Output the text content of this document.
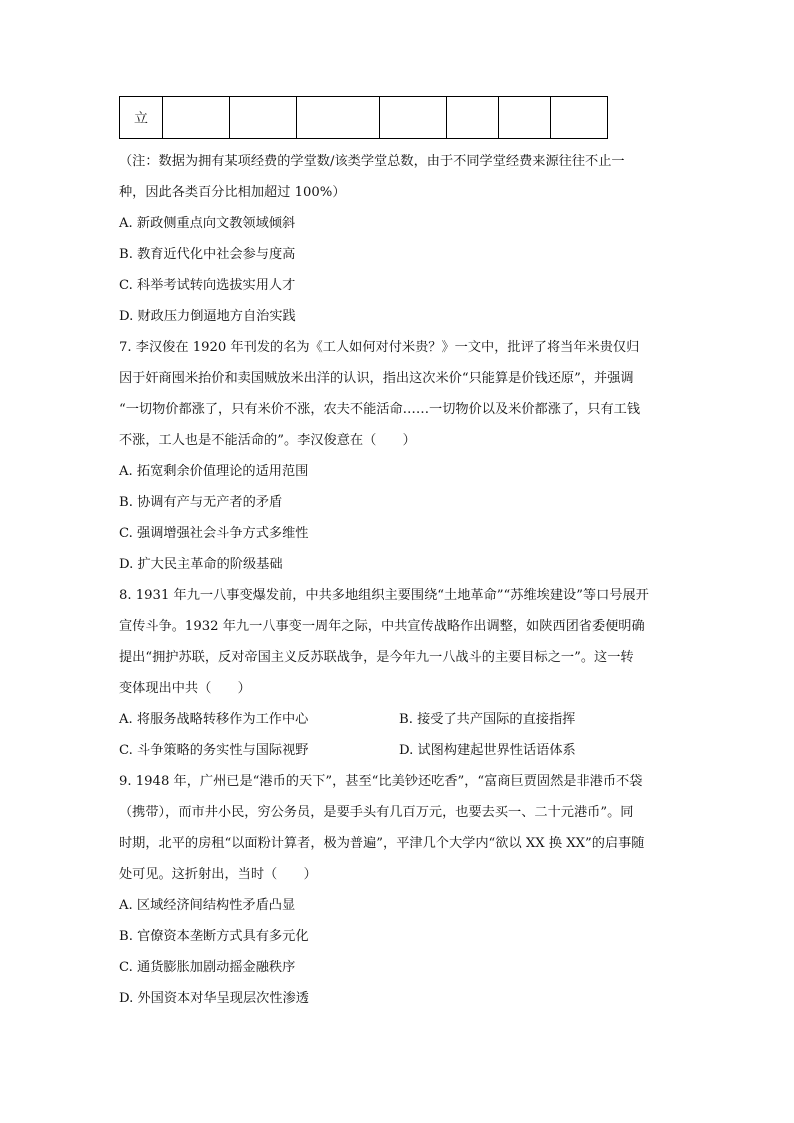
立							
（注：数据为拥有某项经费的学堂数/该类学堂总数，由于不同学堂经费来源往往不止一
种，因此各类百分比相加超过 100%）
A. 新政侧重点向文教领域倾斜
B. 教育近代化中社会参与度高
C. 科举考试转向选拔实用人才
D. 财政压力倒逼地方自治实践
7. 李汉俊在 1920 年刊发的名为《工人如何对付米贵？》一文中，批评了将当年米贵仅归
因于奸商囤米抬价和卖国贼放米出洋的认识，指出这次米价“只能算是价钱还原”，并强调
“一切物价都涨了，只有米价不涨，农夫不能活命……一切物价以及米价都涨了，只有工钱
不涨，工人也是不能活命的”。李汉俊意在（　　）
A. 拓宽剩余价值理论的适用范围
B. 协调有产与无产者的矛盾
C. 强调增强社会斗争方式多维性
D. 扩大民主革命的阶级基础
8. 1931 年九一八事变爆发前，中共多地组织主要围绕“土地革命”“苏维埃建设”等口号展开
宣传斗争。1932 年九一八事变一周年之际，中共宣传战略作出调整，如陕西团省委便明确
提出“拥护苏联，反对帝国主义反苏联战争，是今年九一八战斗的主要目标之一”。这一转
变体现出中共（　　）
A. 将服务战略转移作为工作中心	B. 接受了共产国际的直接指挥
C. 斗争策略的务实性与国际视野	D. 试图构建起世界性话语体系
9. 1948 年，广州已是“港币的天下”，甚至“比美钞还吃香”，“富商巨贾固然是非港币不袋
（携带），而市井小民，穷公务员，是要手头有几百万元，也要去买一、二十元港币”。同
时期，北平的房租“以面粉计算者，极为普遍”，平津几个大学内“欲以 XX 换 XX”的启事随
处可见。这折射出，当时（　　）
A. 区域经济间结构性矛盾凸显
B. 官僚资本垄断方式具有多元化
C. 通货膨胀加剧动摇金融秩序
D. 外国资本对华呈现层次性渗透
